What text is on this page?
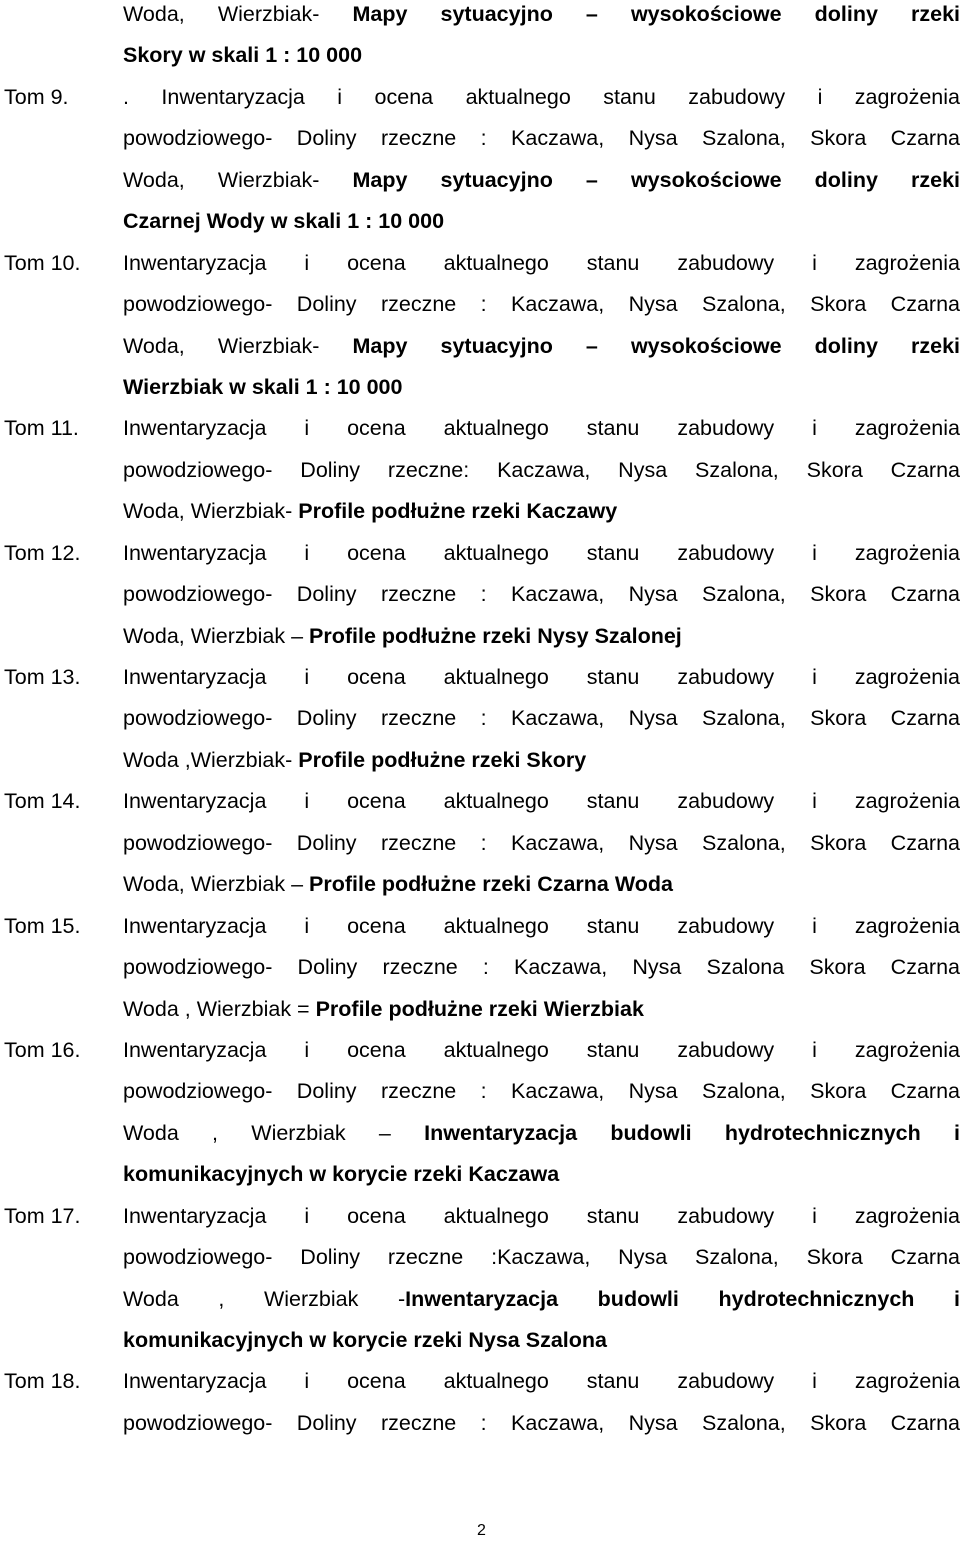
Woda, Wierzbiak- Mapy sytuacyjno – wysokościowe doliny rzeki
Skory w skali 1 : 10 000
Tom 9.	. Inwentaryzacja i ocena aktualnego stanu zabudowy i zagrożenia
powodziowego- Doliny rzeczne : Kaczawa, Nysa Szalona, Skora Czarna
Woda, Wierzbiak- Mapy sytuacyjno – wysokościowe doliny rzeki
Czarnej Wody w skali 1 : 10 000
Tom 10. Inwentaryzacja i ocena aktualnego stanu zabudowy i zagrożenia
powodziowego- Doliny rzeczne : Kaczawa, Nysa Szalona, Skora Czarna
Woda, Wierzbiak- Mapy sytuacyjno – wysokościowe doliny rzeki
Wierzbiak w skali 1 : 10 000
Tom 11. Inwentaryzacja i ocena aktualnego stanu zabudowy i zagrożenia
powodziowego- Doliny rzeczne: Kaczawa, Nysa Szalona, Skora Czarna
Woda, Wierzbiak- Profile podłużne rzeki Kaczawy
Tom 12. Inwentaryzacja i ocena aktualnego stanu zabudowy i zagrożenia
powodziowego- Doliny rzeczne : Kaczawa, Nysa Szalona, Skora Czarna
Woda, Wierzbiak – Profile podłużne rzeki Nysy Szalonej
Tom 13. Inwentaryzacja i ocena aktualnego stanu zabudowy i zagrożenia
powodziowego- Doliny rzeczne : Kaczawa, Nysa Szalona, Skora Czarna
Woda ,Wierzbiak- Profile podłużne rzeki Skory
Tom 14. Inwentaryzacja i ocena aktualnego stanu zabudowy i zagrożenia
powodziowego- Doliny rzeczne : Kaczawa, Nysa Szalona, Skora Czarna
Woda, Wierzbiak – Profile podłużne rzeki Czarna Woda
Tom 15. Inwentaryzacja i ocena aktualnego stanu zabudowy i zagrożenia
powodziowego- Doliny rzeczne : Kaczawa, Nysa Szalona Skora Czarna
Woda , Wierzbiak = Profile podłużne rzeki Wierzbiak
Tom 16. Inwentaryzacja i ocena aktualnego stanu zabudowy i zagrożenia
powodziowego- Doliny rzeczne : Kaczawa, Nysa Szalona, Skora Czarna
Woda , Wierzbiak – Inwentaryzacja budowli hydrotechnicznych i
komunikacyjnych w korycie rzeki Kaczawa
Tom 17. Inwentaryzacja i ocena aktualnego stanu zabudowy i zagrożenia
powodziowego- Doliny rzeczne :Kaczawa, Nysa Szalona, Skora Czarna
Woda , Wierzbiak -Inwentaryzacja budowli hydrotechnicznych i
komunikacyjnych w korycie rzeki Nysa Szalona
Tom 18. Inwentaryzacja i ocena aktualnego stanu zabudowy i zagrożenia
powodziowego- Doliny rzeczne : Kaczawa, Nysa Szalona, Skora Czarna
2
